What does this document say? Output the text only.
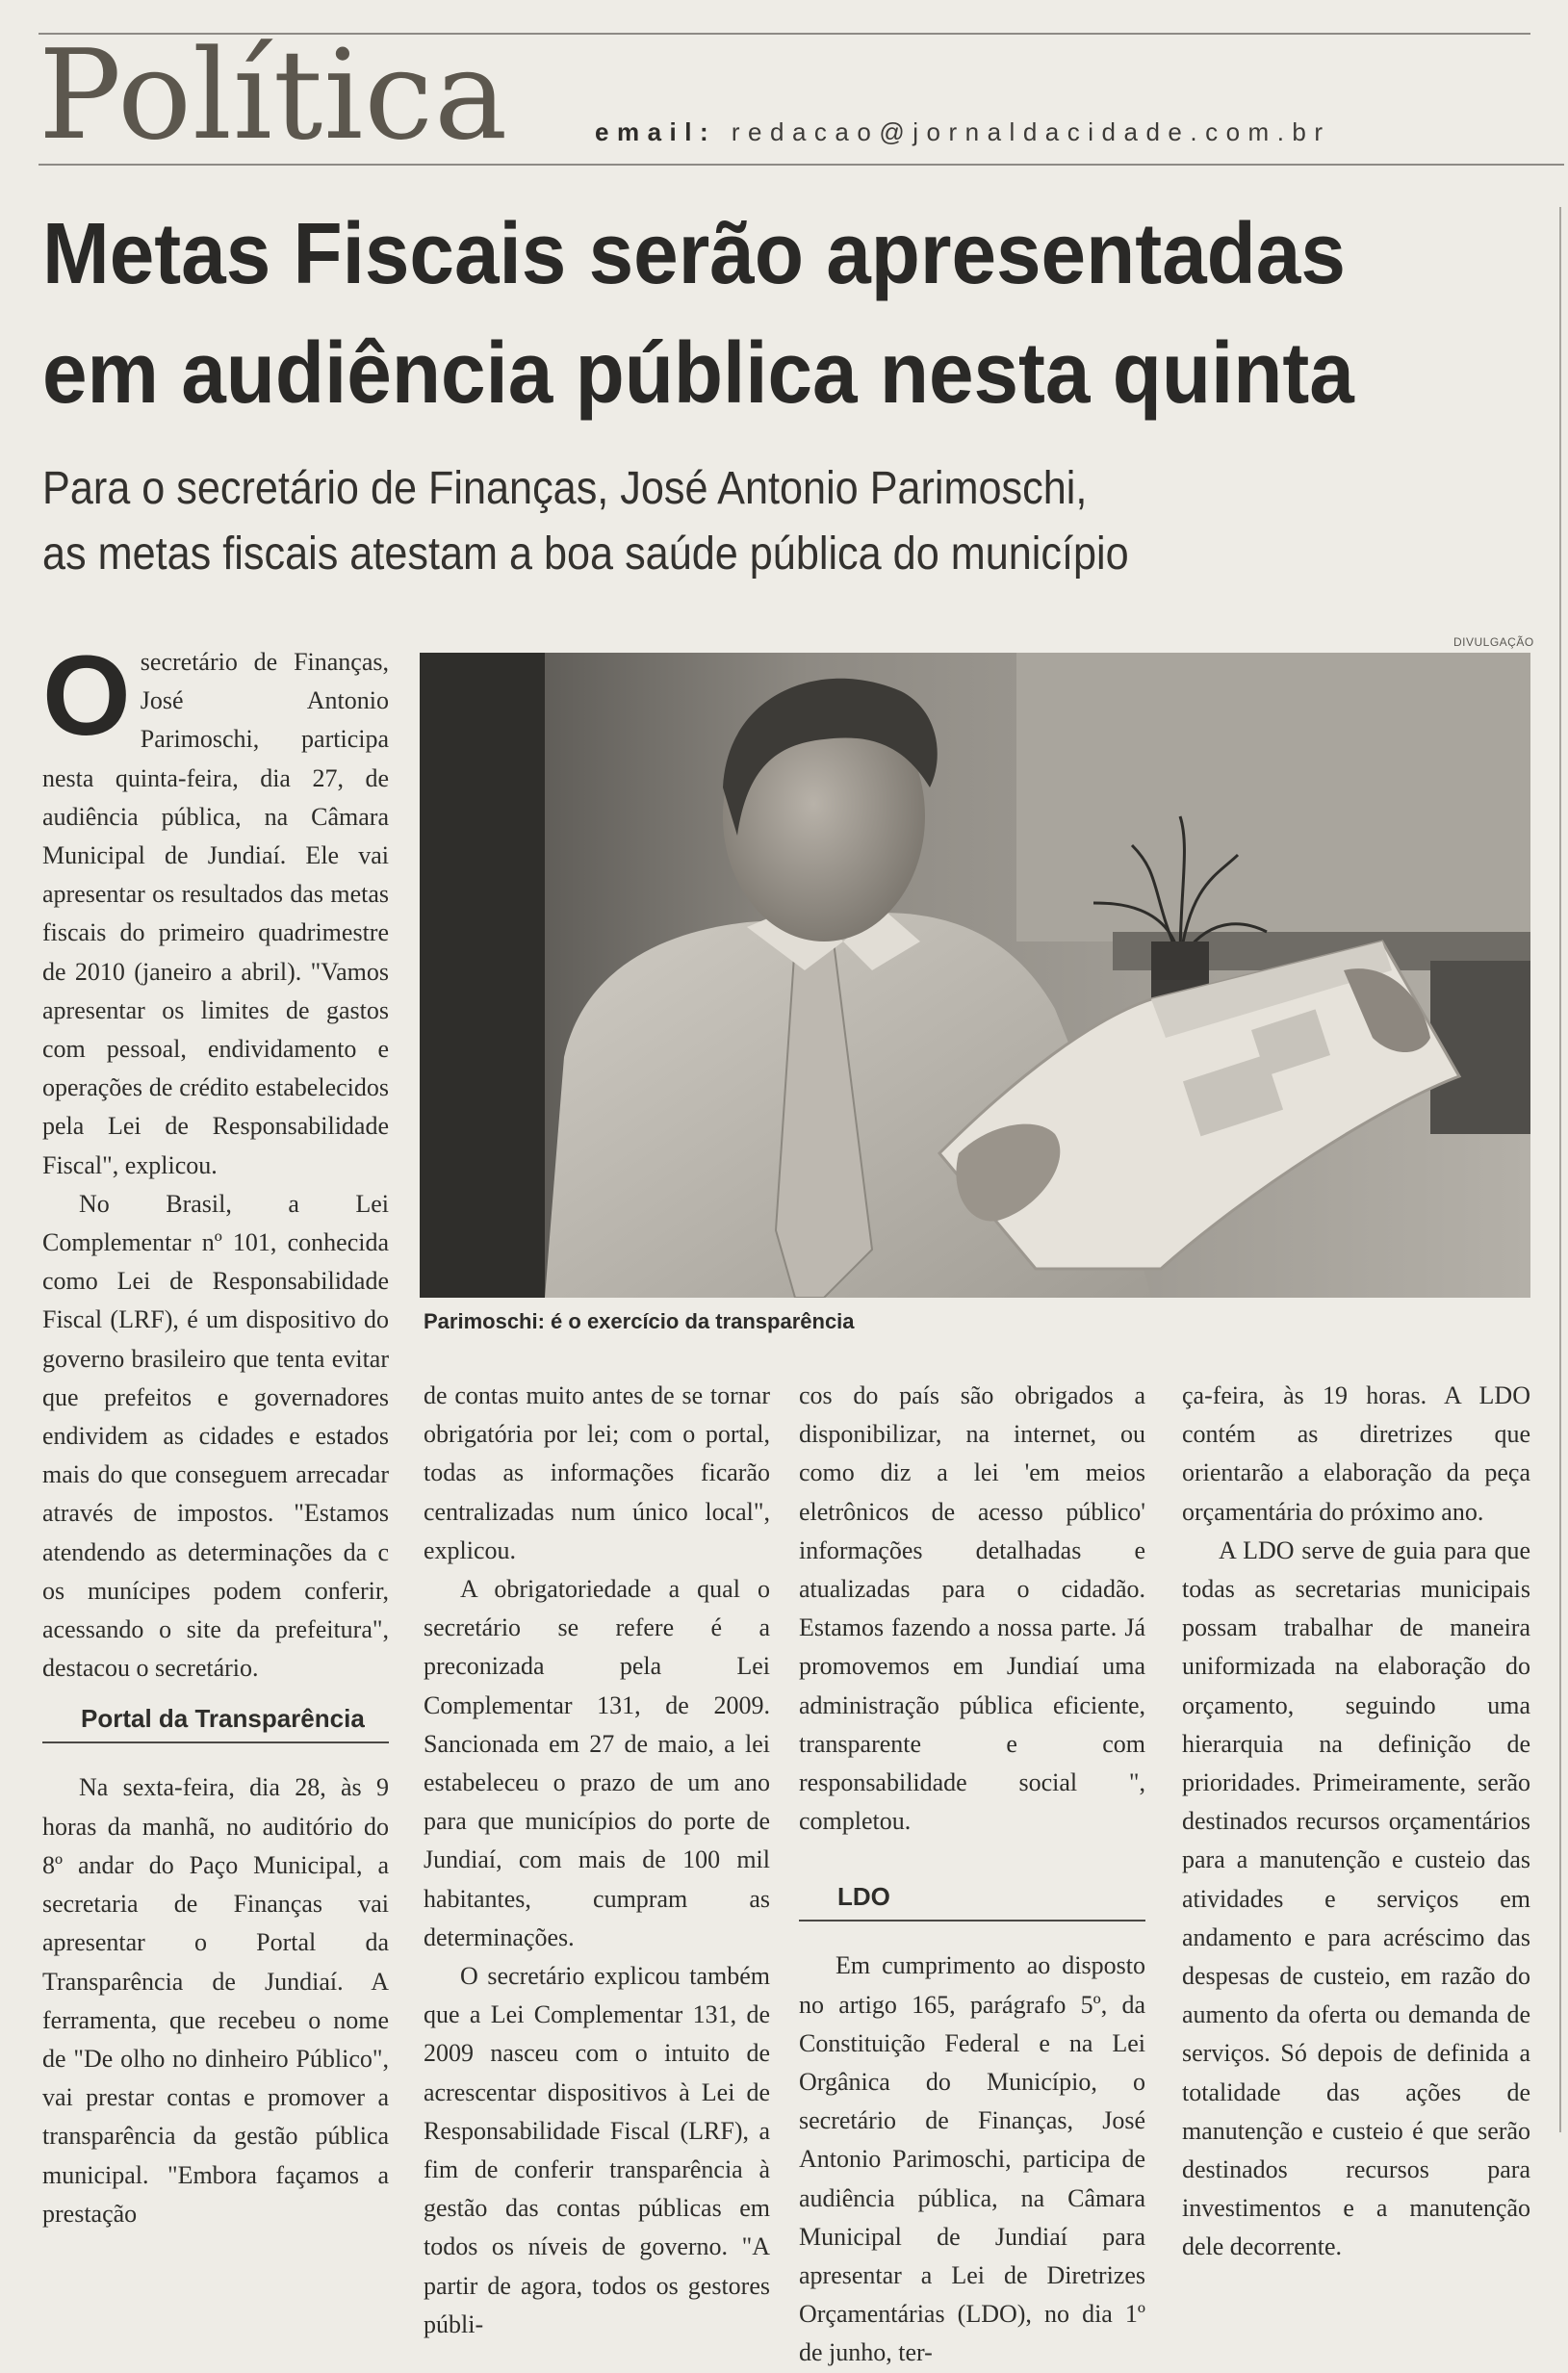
Política	email: redacao@jornaldacidade.com.br
Metas Fiscais serão apresentadas
em audiência pública nesta quinta
Para o secretário de Finanças, José Antonio Parimoschi,
as metas fiscais atestam a boa saúde pública do município
DIVULGAÇÃO
Parimoschi: é o exercício da transparência

Osecretário de Finanças, José Antonio Parimoschi, participa nesta quinta-feira, dia 27, de audiência pública, na Câmara Municipal de Jundiaí. Ele vai apresentar os resultados das metas fiscais do primeiro quadrimestre de 2010 (janeiro a abril). "Vamos apresentar os limites de gastos com pessoal, endividamento e operações de crédito estabelecidos pela Lei de Responsabilidade Fiscal", explicou.

No Brasil, a Lei Complementar nº 101, conhecida como Lei de Responsabilidade Fiscal (LRF), é um dispositivo do governo brasileiro que tenta evitar que prefeitos e governadores endividem as cidades e estados mais do que conseguem arrecadar através de impostos. "Estamos atendendo as determinações da c os munícipes podem conferir, acessando o site da prefeitura", destacou o secretário.

Portal da Transparência

Na sexta-feira, dia 28, às 9 horas da manhã, no auditório do 8º andar do Paço Municipal, a secretaria de Finanças vai apresentar o Portal da Transparência de Jundiaí. A ferramenta, que recebeu o nome de "De olho no dinheiro Público", vai prestar contas e promover a transparência da gestão pública municipal. "Embora façamos a prestação

de contas muito antes de se tornar obrigatória por lei; com o portal, todas as informações ficarão centralizadas num único local", explicou.

A obrigatoriedade a qual o secretário se refere é a preconizada pela Lei Complementar 131, de 2009. Sancionada em 27 de maio, a lei estabeleceu o prazo de um ano para que municípios do porte de Jundiaí, com mais de 100 mil habitantes, cumpram as determinações.

O secretário explicou também que a Lei Complementar 131, de 2009 nasceu com o intuito de acrescentar dispositivos à Lei de Responsabilidade Fiscal (LRF), a fim de conferir transparência à gestão das contas públicas em todos os níveis de governo. "A partir de agora, todos os gestores públi-

cos do país são obrigados a disponibilizar, na internet, ou como diz a lei 'em meios eletrônicos de acesso público' informações detalhadas e atualizadas para o cidadão. Estamos fazendo a nossa parte. Já promovemos em Jundiaí uma administração pública eficiente, transparente e com responsabilidade social ", completou.

LDO

Em cumprimento ao disposto no artigo 165, parágrafo 5º, da Constituição Federal e na Lei Orgânica do Município, o secretário de Finanças, José Antonio Parimoschi, participa de audiência pública, na Câmara Municipal de Jundiaí para apresentar a Lei de Diretrizes Orçamentárias (LDO), no dia 1º de junho, ter-

ça-feira, às 19 horas. A LDO contém as diretrizes que orientarão a elaboração da peça orçamentária do próximo ano.

A LDO serve de guia para que todas as secretarias municipais possam trabalhar de maneira uniformizada na elaboração do orçamento, seguindo uma hierarquia na definição de prioridades. Primeiramente, serão destinados recursos orçamentários para a manutenção e custeio das atividades e serviços em andamento e para acréscimo das despesas de custeio, em razão do aumento da oferta ou demanda de serviços. Só depois de definida a totalidade das ações de manutenção e custeio é que serão destinados recursos para investimentos e a manutenção dele decorrente.
